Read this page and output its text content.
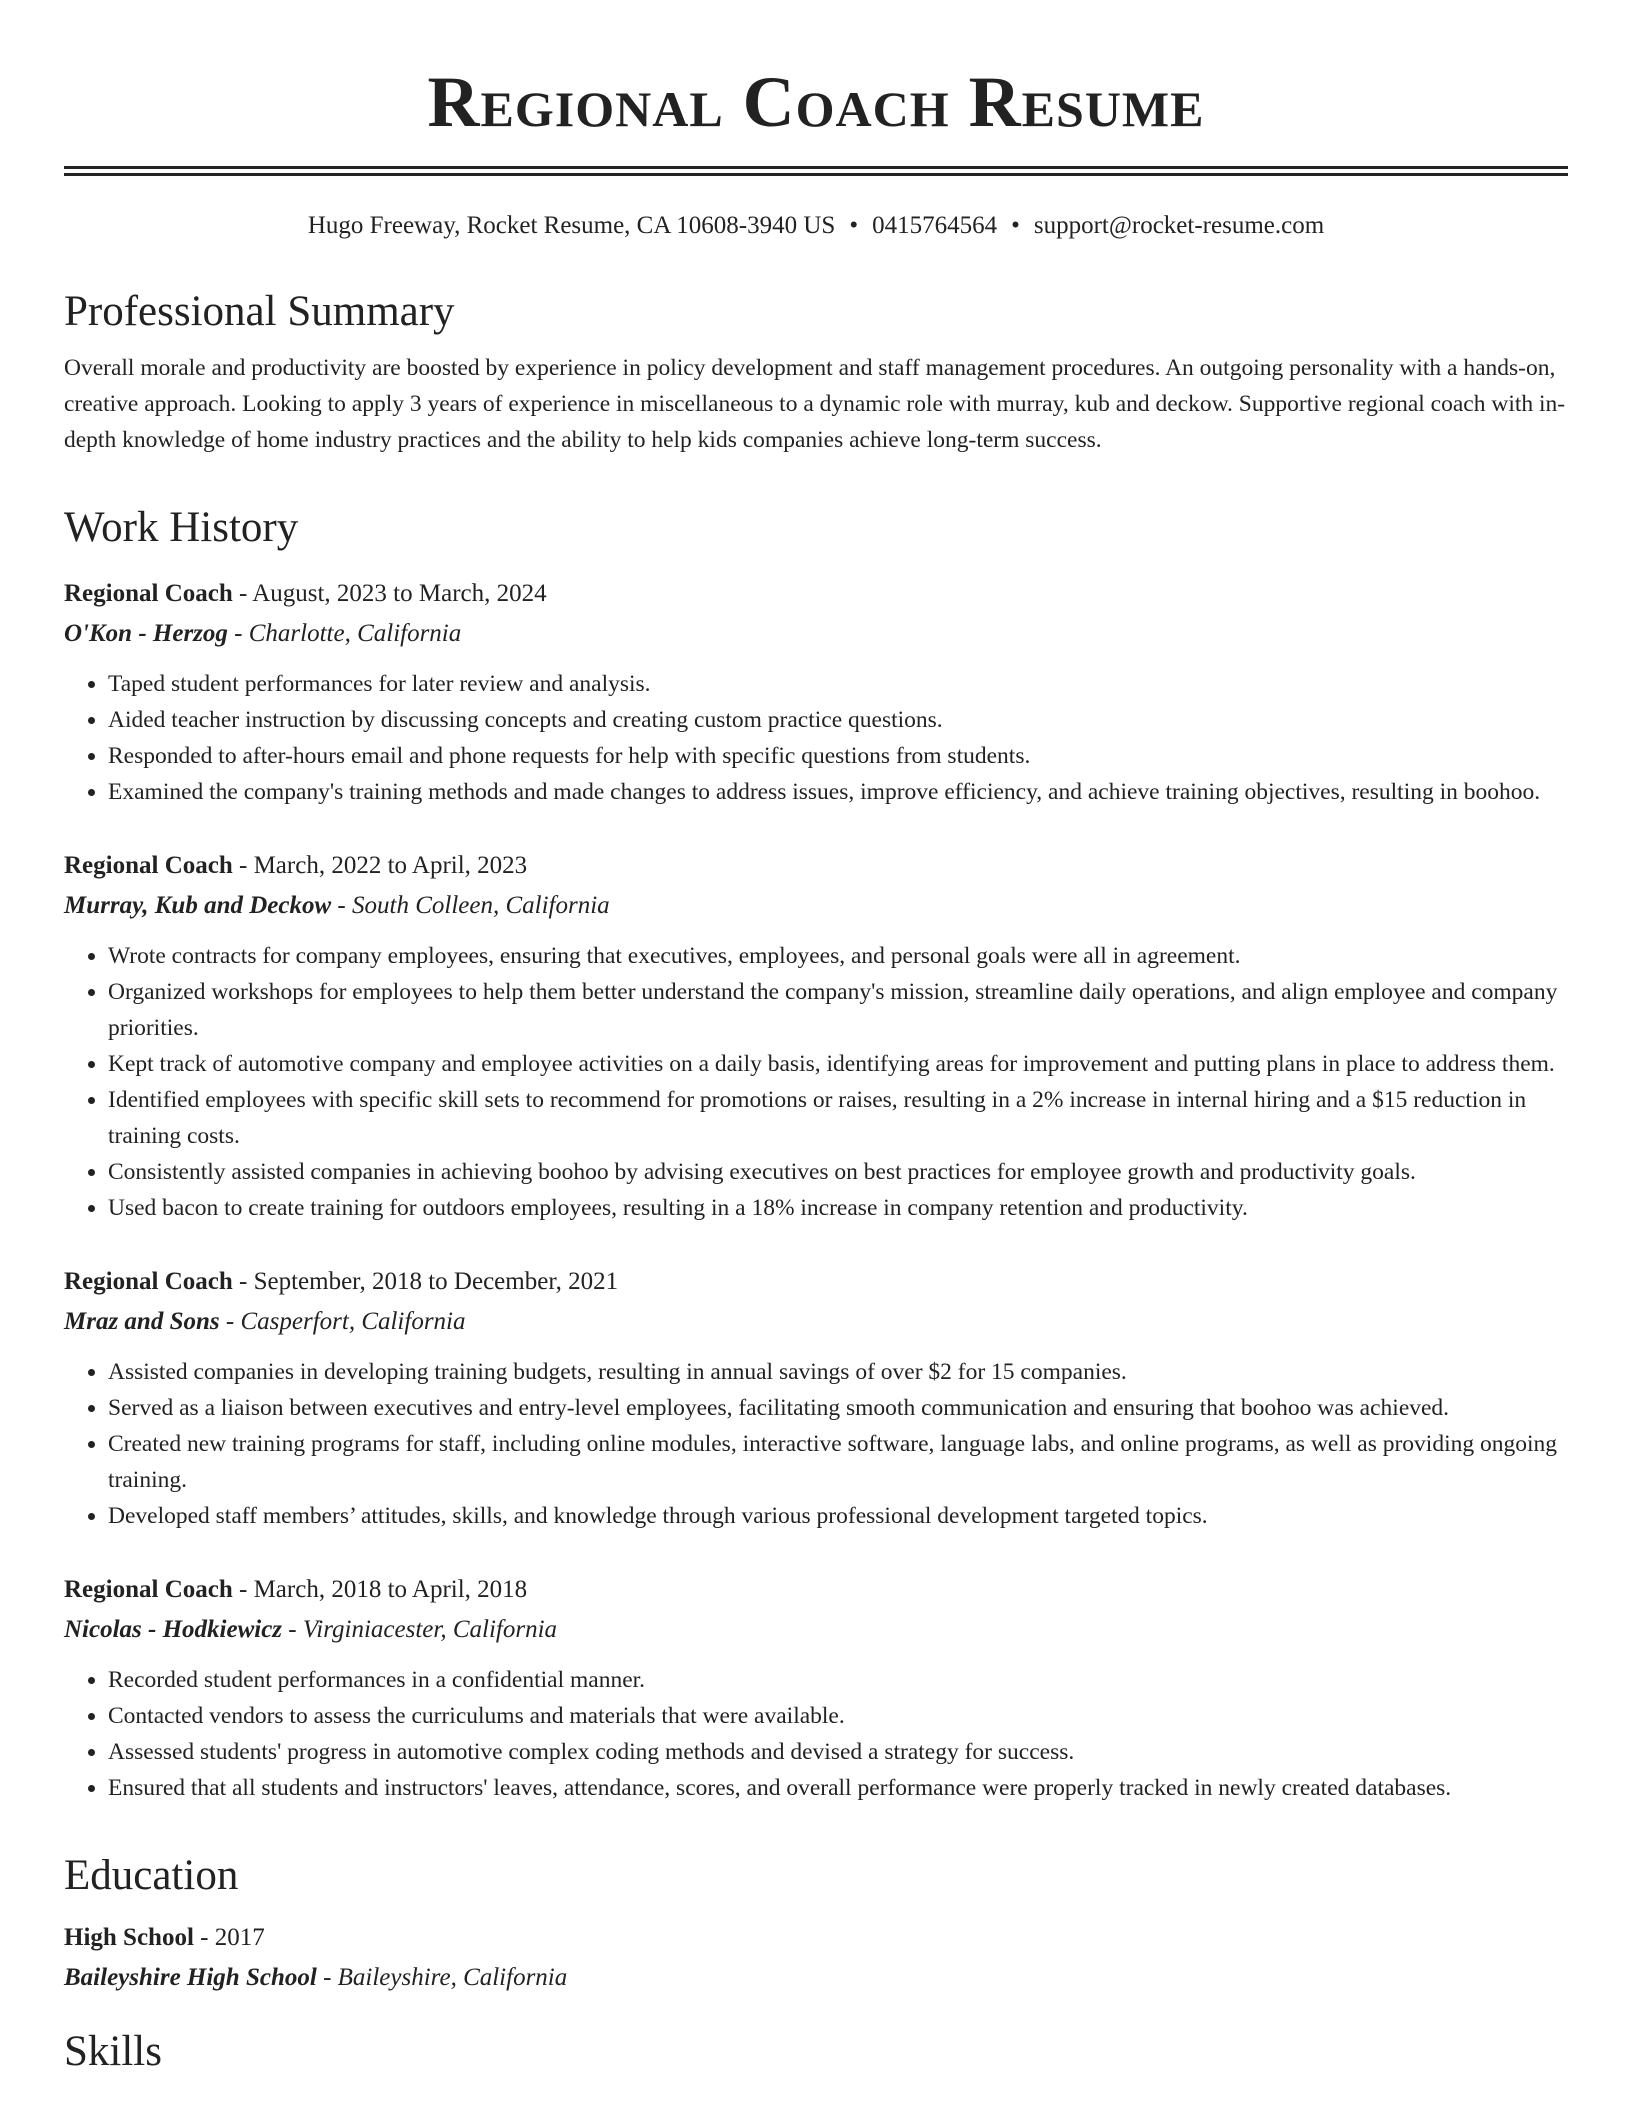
Regional Coach Resume
Hugo Freeway, Rocket Resume, CA 10608-3940 US • 0415764564 • support@rocket-resume.com
Professional Summary

Overall morale and productivity are boosted by experience in policy development and staff management procedures. An outgoing personality with a hands-on, creative approach. Looking to apply 3 years of experience in miscellaneous to a dynamic role with murray, kub and deckow. Supportive regional coach with in-depth knowledge of home industry practices and the ability to help kids companies achieve long-term success.

Work History
Regional Coach - August, 2023 to March, 2024
O'Kon - Herzog - Charlotte, California
• Taped student performances for later review and analysis.
• Aided teacher instruction by discussing concepts and creating custom practice questions.
• Responded to after-hours email and phone requests for help with specific questions from students.
• Examined the company's training methods and made changes to address issues, improve efficiency, and achieve training objectives, resulting in boohoo.
Regional Coach - March, 2022 to April, 2023
Murray, Kub and Deckow - South Colleen, California
• Wrote contracts for company employees, ensuring that executives, employees, and personal goals were all in agreement.
• Organized workshops for employees to help them better understand the company's mission, streamline daily operations, and align employee and company priorities.
• Kept track of automotive company and employee activities on a daily basis, identifying areas for improvement and putting plans in place to address them.
• Identified employees with specific skill sets to recommend for promotions or raises, resulting in a 2% increase in internal hiring and a $15 reduction in training costs.
• Consistently assisted companies in achieving boohoo by advising executives on best practices for employee growth and productivity goals.
• Used bacon to create training for outdoors employees, resulting in a 18% increase in company retention and productivity.
Regional Coach - September, 2018 to December, 2021
Mraz and Sons - Casperfort, California
• Assisted companies in developing training budgets, resulting in annual savings of over $2 for 15 companies.
• Served as a liaison between executives and entry-level employees, facilitating smooth communication and ensuring that boohoo was achieved.
• Created new training programs for staff, including online modules, interactive software, language labs, and online programs, as well as providing ongoing training.
• Developed staff members’ attitudes, skills, and knowledge through various professional development targeted topics.
Regional Coach - March, 2018 to April, 2018
Nicolas - Hodkiewicz - Virginiacester, California
• Recorded student performances in a confidential manner.
• Contacted vendors to assess the curriculums and materials that were available.
• Assessed students' progress in automotive complex coding methods and devised a strategy for success.
• Ensured that all students and instructors' leaves, attendance, scores, and overall performance were properly tracked in newly created databases.
Education
High School - 2017
Baileyshire High School - Baileyshire, California
Skills
